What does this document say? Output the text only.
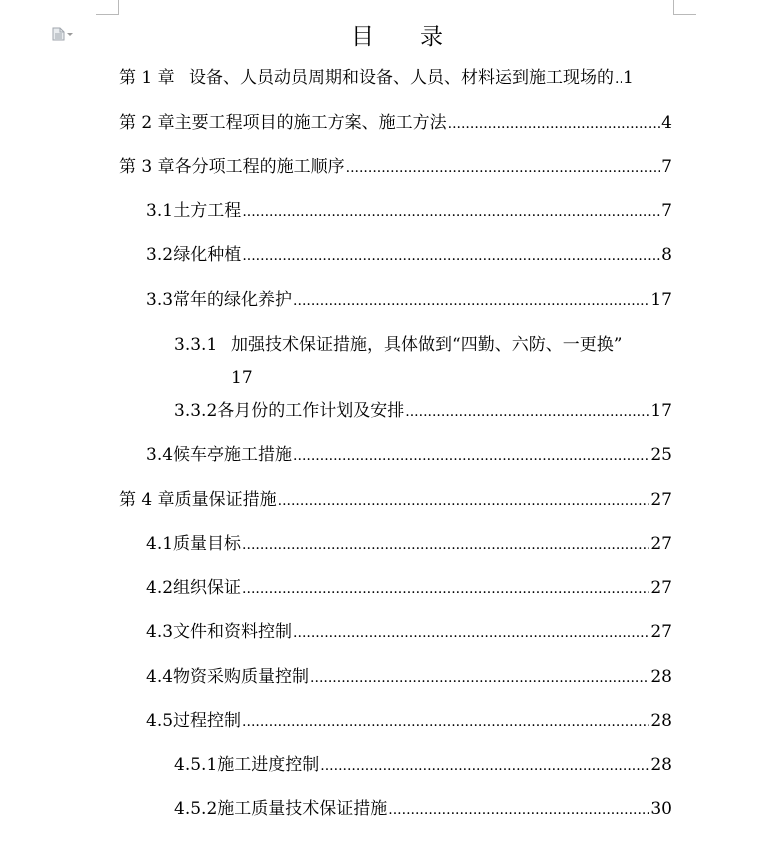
目　　录
第 1 章 设备、人员动员周期和设备、人员、材料运到施工现场的 ..... 1
第 2 章 主要工程项目的施工方案、施工方法 .....	4
第 3 章 各分项工程的施工顺序 .....	7
3.1 土方工程 .....	7
3.2 绿化种植 .....	8
3.3 常年的绿化养护 .....	17
3.3.1 加强技术保证措施，具体做到“四勤、六防、一更换”
17
3.3.2 各月份的工作计划及安排 .....	17
3.4 候车亭施工措施 .....	25
第 4 章 质量保证措施 .....	27
4.1 质量目标 .....	27
4.2 组织保证 .....	27
4.3 文件和资料控制 .....	27
4.4 物资采购质量控制 .....	28
4.5 过程控制 .....	28
4.5.1 施工进度控制 .....	28
4.5.2 施工质量技术保证措施 .....	30
